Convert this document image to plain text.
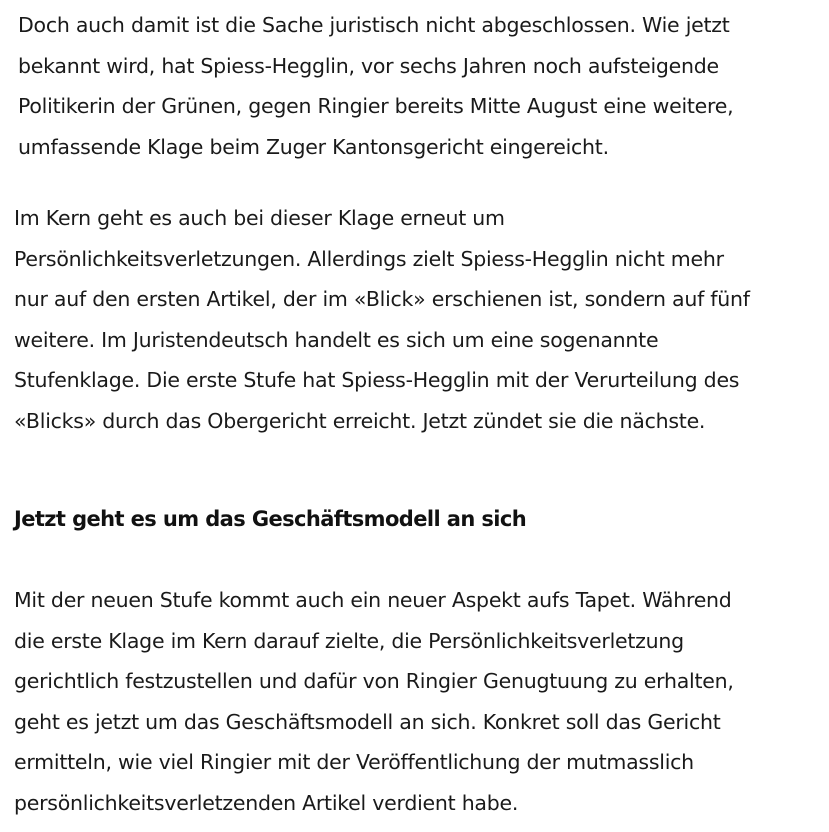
Doch auch damit ist die Sache juristisch nicht abgeschlossen. Wie jetzt
bekannt wird, hat Spiess-Hegglin, vor sechs Jahren noch aufsteigende
Politikerin der Grünen, gegen Ringier bereits Mitte August eine weitere,
umfassende Klage beim Zuger Kantonsgericht eingereicht.

Im Kern geht es auch bei dieser Klage erneut um
Persönlichkeitsverletzungen. Allerdings zielt Spiess-Hegglin nicht mehr
nur auf den ersten Artikel, der im «Blick» erschienen ist, sondern auf fünf
weitere. Im Juristendeutsch handelt es sich um eine sogenannte
Stufenklage. Die erste Stufe hat Spiess-Hegglin mit der Verurteilung des
«Blicks» durch das Obergericht erreicht. Jetzt zündet sie die nächste.

Jetzt geht es um das Geschäftsmodell an sich

Mit der neuen Stufe kommt auch ein neuer Aspekt aufs Tapet. Während
die erste Klage im Kern darauf zielte, die Persönlichkeitsverletzung
gerichtlich festzustellen und dafür von Ringier Genugtuung zu erhalten,
geht es jetzt um das Geschäftsmodell an sich. Konkret soll das Gericht
ermitteln, wie viel Ringier mit der Veröffentlichung der mutmasslich
persönlichkeitsverletzenden Artikel verdient habe.
